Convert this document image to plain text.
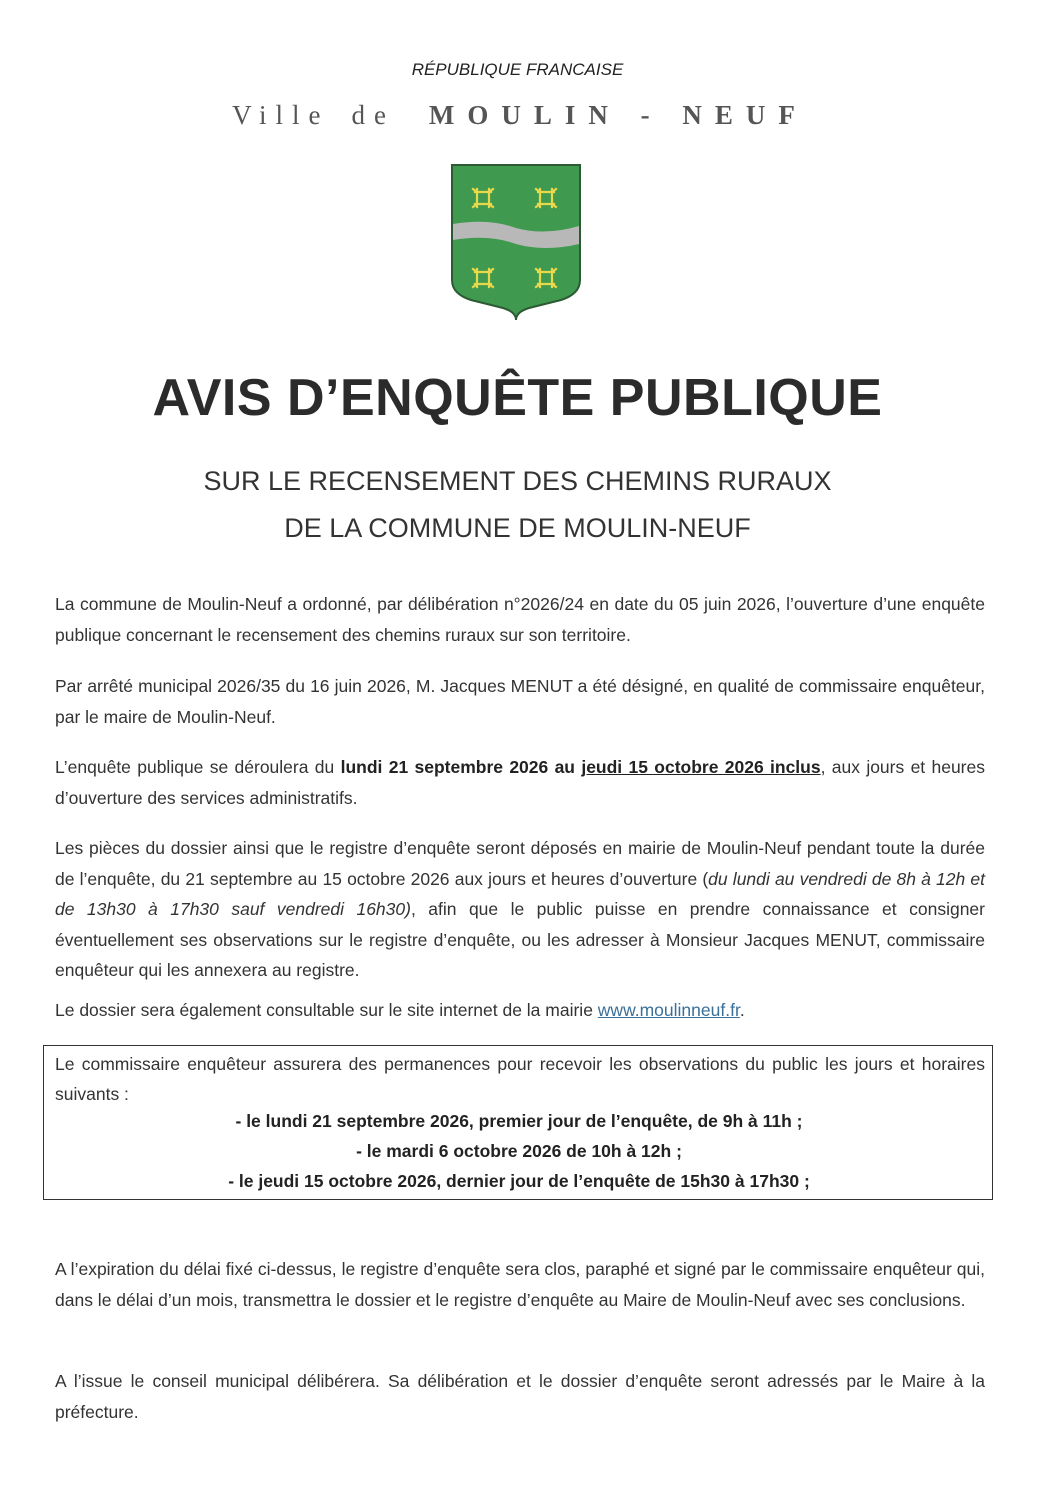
RÉPUBLIQUE FRANCAISE
Ville de MOULIN - NEUF
AVIS D’ENQUÊTE PUBLIQUE
SUR LE RECENSEMENT DES CHEMINS RURAUX
DE LA COMMUNE DE MOULIN-NEUF
La commune de Moulin-Neuf a ordonné, par délibération n°2026/24 en date du 05 juin 2026, l’ouverture d’une enquête publique concernant le recensement des chemins ruraux sur son territoire.
Par arrêté municipal 2026/35 du 16 juin 2026, M. Jacques MENUT a été désigné, en qualité de commissaire enquêteur, par le maire de Moulin-Neuf.
L’enquête publique se déroulera du lundi 21 septembre 2026 au jeudi 15 octobre 2026 inclus, aux jours et heures d’ouverture des services administratifs.
Les pièces du dossier ainsi que le registre d’enquête seront déposés en mairie de Moulin-Neuf pendant toute la durée de l’enquête, du 21 septembre au 15 octobre 2026 aux jours et heures d’ouverture (du lundi au vendredi de 8h à 12h et de 13h30 à 17h30 sauf vendredi 16h30), afin que le public puisse en prendre connaissance et consigner éventuellement ses observations sur le registre d’enquête, ou les adresser à Monsieur Jacques MENUT, commissaire enquêteur qui les annexera au registre.
Le dossier sera également consultable sur le site internet de la mairie www.moulinneuf.fr.
Le commissaire enquêteur assurera des permanences pour recevoir les observations du public les jours et horaires suivants :
- le lundi 21 septembre 2026, premier jour de l’enquête, de 9h à 11h ;
- le mardi 6 octobre 2026 de 10h à 12h ;
- le jeudi 15 octobre 2026, dernier jour de l’enquête de 15h30 à 17h30 ;
A l’expiration du délai fixé ci-dessus, le registre d’enquête sera clos, paraphé et signé par le commissaire enquêteur qui, dans le délai d’un mois, transmettra le dossier et le registre d’enquête au Maire de Moulin-Neuf avec ses conclusions.
A l’issue le conseil municipal délibérera. Sa délibération et le dossier d’enquête seront adressés par le Maire à la préfecture.
